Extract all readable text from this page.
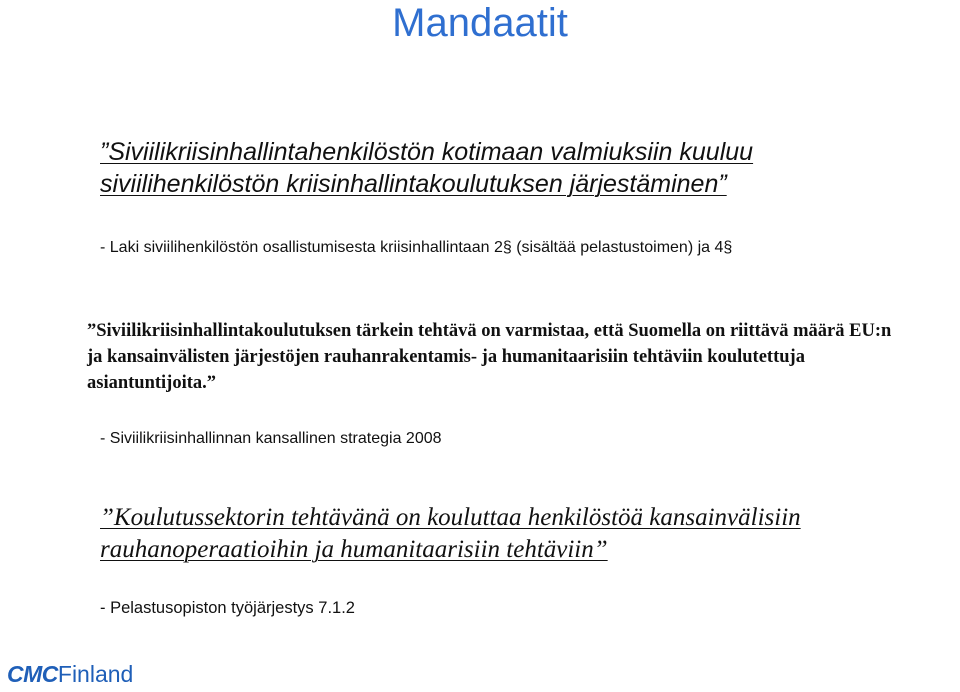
Mandaatit
”Siviilikriisinhallintahenkilöstön kotimaan valmiuksiin kuuluu siviilihenkilöstön kriisinhallintakoulutuksen järjestäminen”
- Laki siviilihenkilöstön osallistumisesta kriisinhallintaan 2§ (sisältää pelastustoimen) ja 4§
”Siviilikriisinhallintakoulutuksen tärkein tehtävä on varmistaa, että Suomella on riittävä määrä EU:n ja kansainvälisten järjestöjen rauhanrakentamis- ja humanitaarisiin tehtäviin koulutettuja asiantuntijoita.”
- Siviilikriisinhallinnan kansallinen strategia 2008
”Koulutussektorin tehtävänä on kouluttaa henkilöstöä kansainvälisiin rauhanoperaatioihin ja humanitaarisiin tehtäviin”
- Pelastusopiston työjärjestys 7.1.2
CMCFinland
